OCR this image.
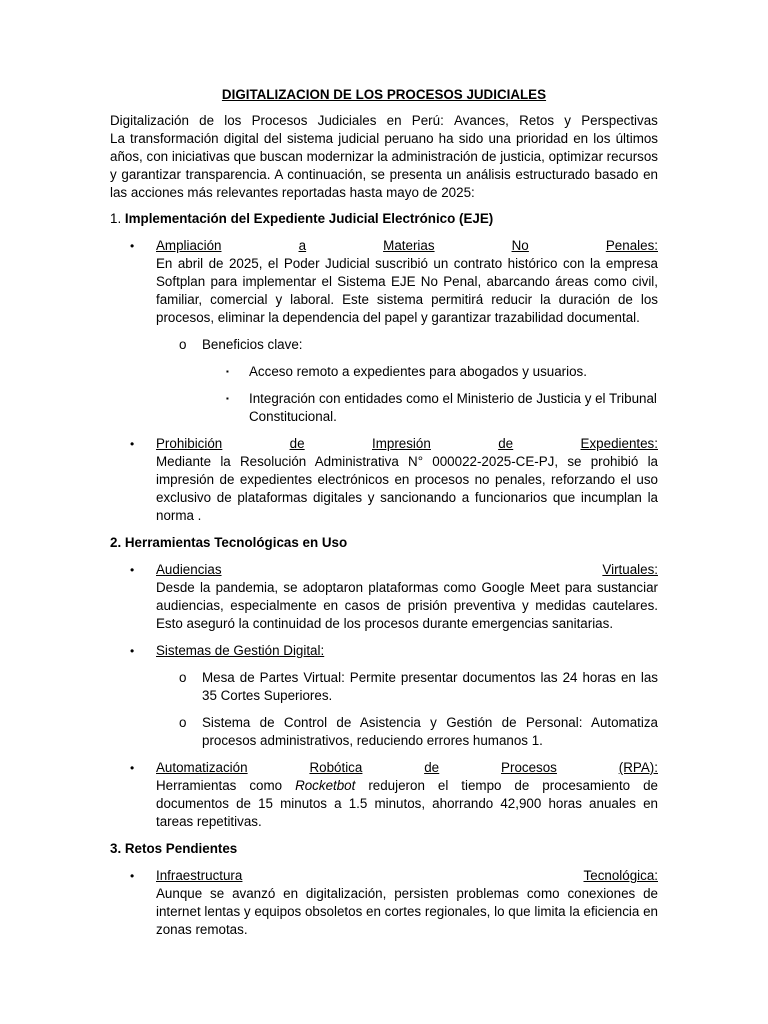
DIGITALIZACION DE LOS PROCESOS JUDICIALES

Digitalización de los Procesos Judiciales en Perú: Avances, Retos y Perspectivas

La transformación digital del sistema judicial peruano ha sido una prioridad en los últimos años, con iniciativas que buscan modernizar la administración de justicia, optimizar recursos y garantizar transparencia. A continuación, se presenta un análisis estructurado basado en las acciones más relevantes reportadas hasta mayo de 2025:

1. Implementación del Expediente Judicial Electrónico (EJE)

• Ampliación	a	Materias	No	Penales:

En abril de 2025, el Poder Judicial suscribió un contrato histórico con la empresa Softplan para implementar el Sistema EJE No Penal, abarcando áreas como civil, familiar, comercial y laboral. Este sistema permitirá reducir la duración de los procesos, eliminar la dependencia del papel y garantizar trazabilidad documental.

o Beneficios clave:

▪ Acceso remoto a expedientes para abogados y usuarios.

▪ Integración con entidades como el Ministerio de Justicia y el Tribunal Constitucional.

• Prohibición	de	Impresión	de	Expedientes:

Mediante la Resolución Administrativa N° 000022-2025-CE-PJ, se prohibió la impresión de expedientes electrónicos en procesos no penales, reforzando el uso exclusivo de plataformas digitales y sancionando a funcionarios que incumplan la norma .

2. Herramientas Tecnológicas en Uso

• Audiencias	Virtuales:

Desde la pandemia, se adoptaron plataformas como Google Meet para sustanciar audiencias, especialmente en casos de prisión preventiva y medidas cautelares. Esto aseguró la continuidad de los procesos durante emergencias sanitarias.

• Sistemas de Gestión Digital:

o Mesa de Partes Virtual: Permite presentar documentos las 24 horas en las 35 Cortes Superiores.

o Sistema de Control de Asistencia y Gestión de Personal: Automatiza procesos administrativos, reduciendo errores humanos 1.

• Automatización	Robótica	de	Procesos	(RPA):

Herramientas como Rocketbot redujeron el tiempo de procesamiento de documentos de 15 minutos a 1.5 minutos, ahorrando 42,900 horas anuales en tareas repetitivas.

3. Retos Pendientes

• Infraestructura	Tecnológica:

Aunque se avanzó en digitalización, persisten problemas como conexiones de internet lentas y equipos obsoletos en cortes regionales, lo que limita la eficiencia en zonas remotas.
